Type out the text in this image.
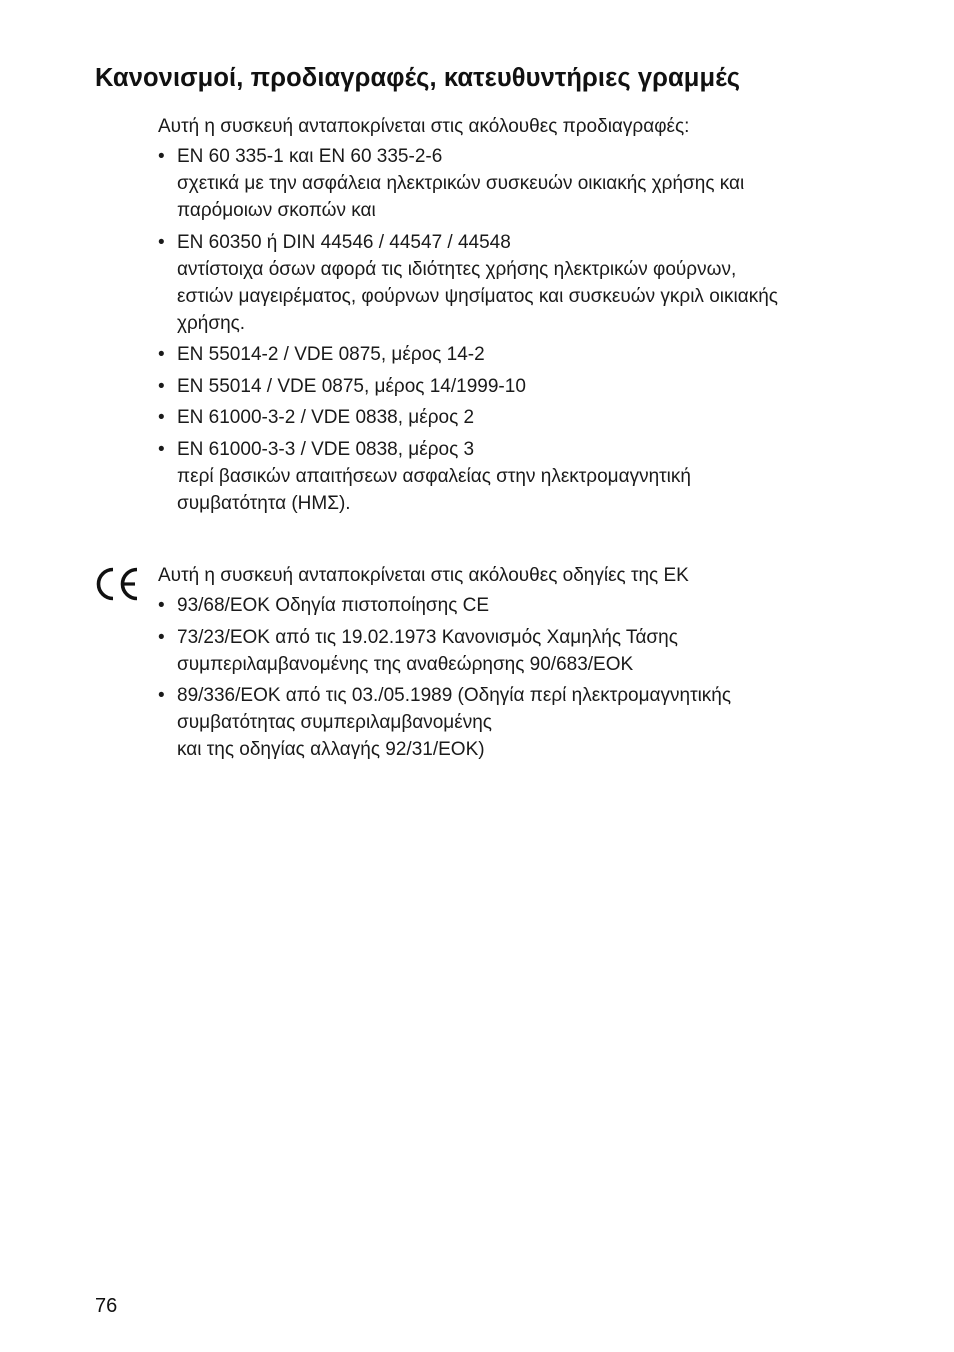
Κανονισμοί, προδιαγραφές, κατευθυντήριες γραμμές

Αυτή η συσκευή ανταποκρίνεται στις ακόλουθες προδιαγραφές:

• EN 60 335-1 και EN 60 335-2-6
σχετικά με την ασφάλεια ηλεκτρικών συσκευών οικιακής χρήσης και
παρόμοιων σκοπών και
• EN 60350 ή DIN 44546 / 44547 / 44548
αντίστοιχα όσων αφορά τις ιδιότητες χρήσης ηλεκτρικών φούρνων,
εστιών μαγειρέματος, φούρνων ψησίματος και συσκευών γκριλ οικιακής
χρήσης.
• EN 55014-2 / VDE 0875, μέρος 14-2
• EN 55014 / VDE 0875, μέρος 14/1999-10
• EN 61000-3-2 / VDE 0838, μέρος 2
• EN 61000-3-3 / VDE 0838, μέρος 3
περί βασικών απαιτήσεων ασφαλείας στην ηλεκτρομαγνητική
συμβατότητα (ΗΜΣ).

Αυτή η συσκευή ανταποκρίνεται στις ακόλουθες οδηγίες της ΕΚ

• 93/68/ΕΟΚ Οδηγία πιστοποίησης CE
• 73/23/ΕΟΚ από τις 19.02.1973 Κανονισμός Χαμηλής Τάσης
συμπεριλαμβανομένης της αναθεώρησης 90/683/ΕΟΚ
• 89/336/ΕΟΚ από τις 03./05.1989 (Οδηγία περί ηλεκτρομαγνητικής
συμβατότητας συμπεριλαμβανομένης
και της οδηγίας αλλαγής 92/31/ΕΟΚ)
76
